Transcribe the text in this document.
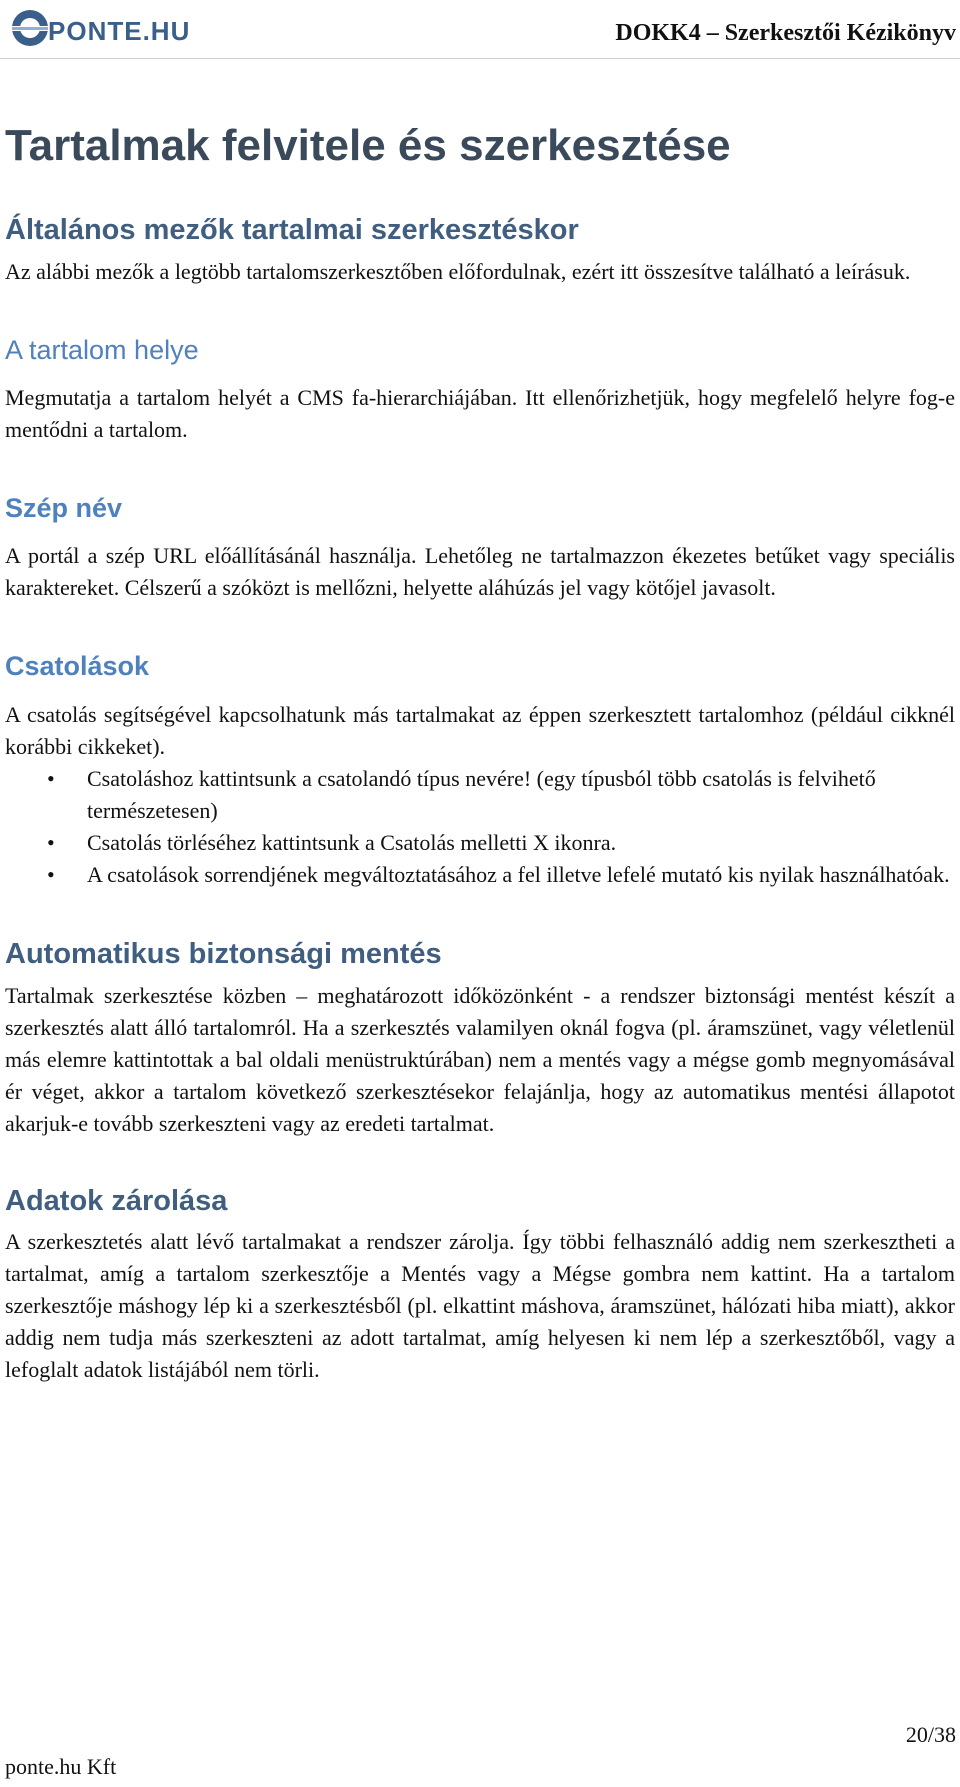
PONTE.HU	DOKK4 – Szerkesztői Kézikönyv
Tartalmak felvitele és szerkesztése
Általános mezők tartalmai szerkesztéskor

Az alábbi mezők a legtöbb tartalomszerkesztőben előfordulnak, ezért itt összesítve található a leírásuk.

A tartalom helye

Megmutatja a tartalom helyét a CMS fa-hierarchiájában. Itt ellenőrizhetjük, hogy megfelelő helyre fog-e mentődni a tartalom.

Szép név

A portál a szép URL előállításánál használja. Lehetőleg ne tartalmazzon ékezetes betűket vagy speciális karaktereket. Célszerű a szóközt is mellőzni, helyette aláhúzás jel vagy kötőjel javasolt.

Csatolások

A csatolás segítségével kapcsolhatunk más tartalmakat az éppen szerkesztett tartalomhoz (például cikknél korábbi cikkeket).

• Csatoláshoz kattintsunk a csatolandó típus nevére! (egy típusból több csatolás is felvihető természetesen)
• Csatolás törléséhez kattintsunk a Csatolás melletti X ikonra.
• A csatolások sorrendjének megváltoztatásához a fel illetve lefelé mutató kis nyilak használhatóak.
Automatikus biztonsági mentés

Tartalmak szerkesztése közben – meghatározott időközönként - a rendszer biztonsági mentést készít a szerkesztés alatt álló tartalomról. Ha a szerkesztés valamilyen oknál fogva (pl. áramszünet, vagy véletlenül más elemre kattintottak a bal oldali menüstruktúrában) nem a mentés vagy a mégse gomb megnyomásával ér véget, akkor a tartalom következő szerkesztésekor felajánlja, hogy az automatikus mentési állapotot akarjuk-e tovább szerkeszteni vagy az eredeti tartalmat.

Adatok zárolása

A szerkesztetés alatt lévő tartalmakat a rendszer zárolja. Így többi felhasználó addig nem szerkesztheti a tartalmat, amíg a tartalom szerkesztője a Mentés vagy a Mégse gombra nem kattint. Ha a tartalom szerkesztője máshogy lép ki a szerkesztésből (pl. elkattint máshova, áramszünet, hálózati hiba miatt), akkor addig nem tudja más szerkeszteni az adott tartalmat, amíg helyesen ki nem lép a szerkesztőből, vagy a lefoglalt adatok listájából nem törli.

20/38
ponte.hu Kft
